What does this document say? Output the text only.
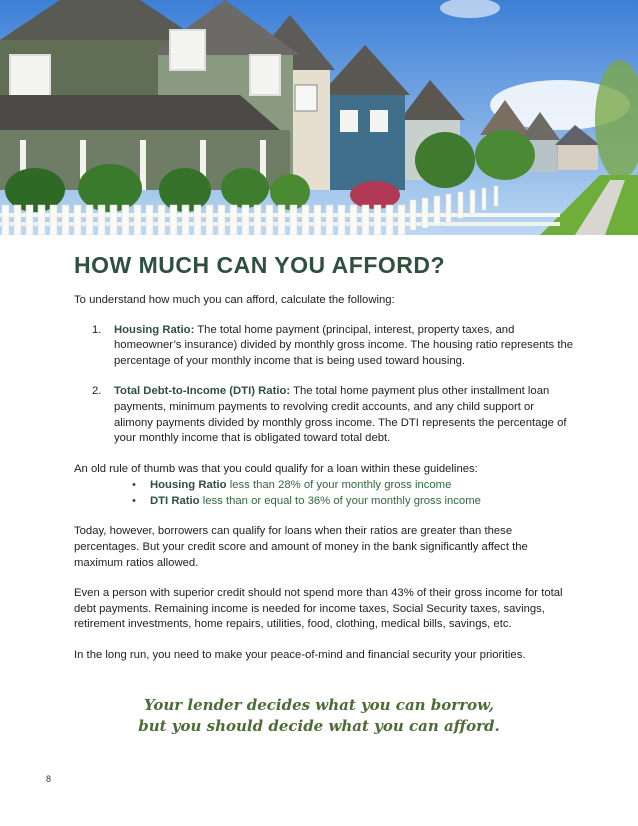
HOW MUCH CAN YOU AFFORD?

To understand how much you can afford, calculate the following:

1. Housing Ratio: The total home payment (principal, interest, property taxes, and homeowner’s insurance) divided by monthly gross income. The housing ratio represents the percentage of your monthly income that is being used toward housing.
2. Total Debt-to-Income (DTI) Ratio: The total home payment plus other installment loan payments, minimum payments to revolving credit accounts, and any child support or alimony payments divided by monthly gross income. The DTI represents the percentage of your monthly income that is obligated toward total debt.

An old rule of thumb was that you could qualify for a loan within these guidelines:

• Housing Ratio less than 28% of your monthly gross income
• DTI Ratio less than or equal to 36% of your monthly gross income

Today, however, borrowers can qualify for loans when their ratios are greater than these percentages. But your credit score and amount of money in the bank significantly affect the maximum ratios allowed.

Even a person with superior credit should not spend more than 43% of their gross income for total debt payments. Remaining income is needed for income taxes, Social Security taxes, savings, retirement investments, home repairs, utilities, food, clothing, medical bills, savings, etc.

In the long run, you need to make your peace-of-mind and financial security your priorities.

Your lender decides what you can borrow,
but you should decide what you can afford.
8
